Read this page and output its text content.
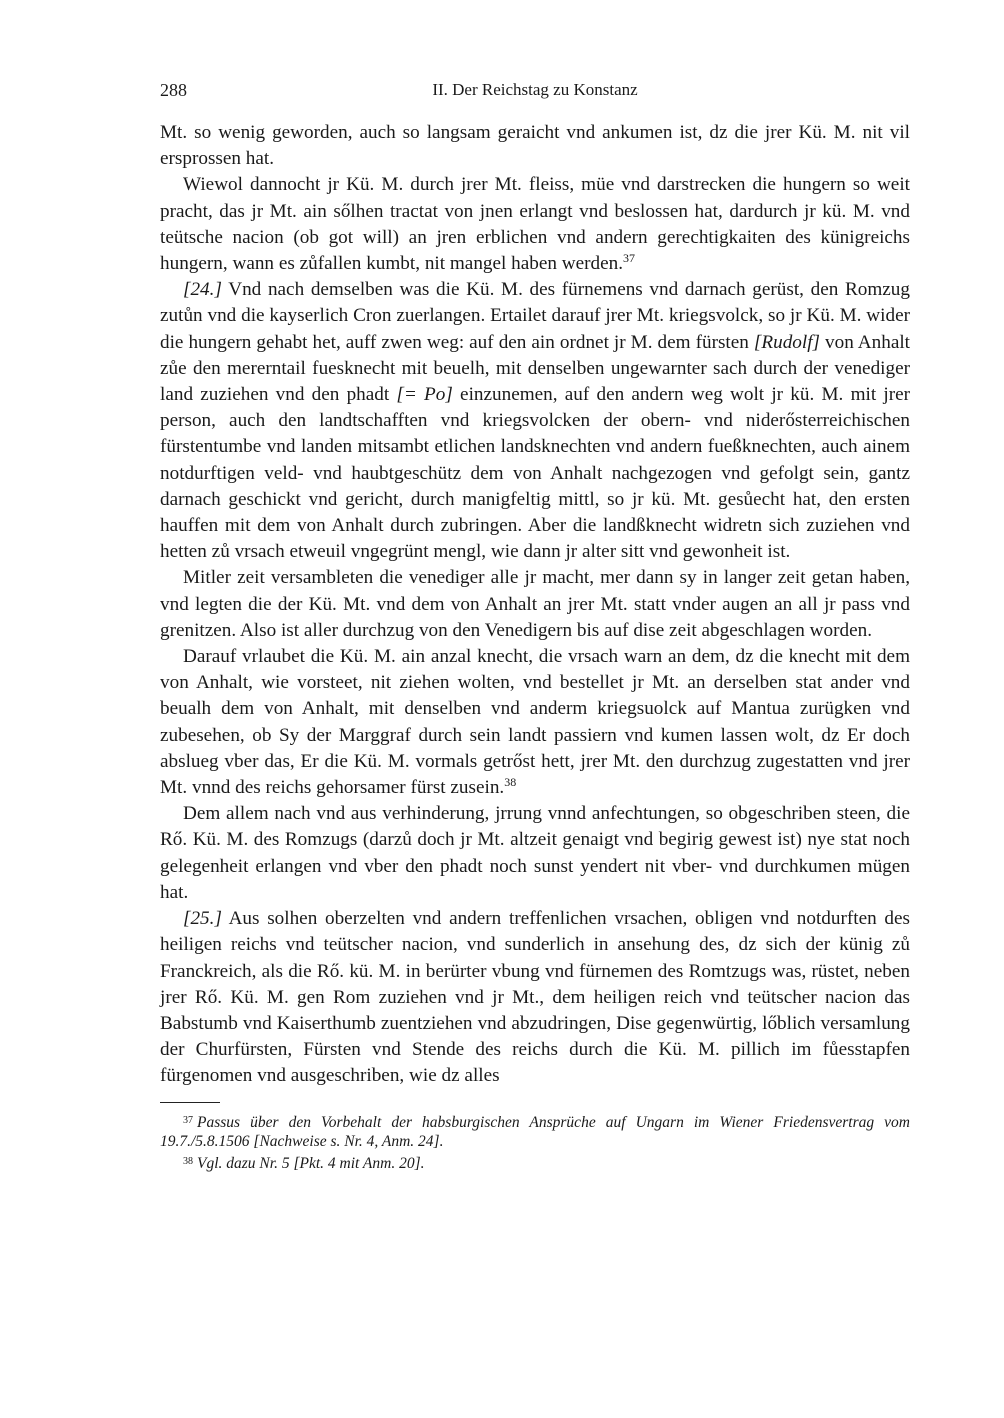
288	II. Der Reichstag zu Konstanz

Mt. so wenig geworden, auch so langsam geraicht vnd ankumen ist, dz die jrer Kü. M. nit vil ersprossen hat.

Wiewol dannocht jr Kü. M. durch jrer Mt. fleiss, müe vnd darstrecken die hungern so weit pracht, das jr Mt. ain sőlhen tractat von jnen erlangt vnd beslossen hat, dardurch jr kü. M. vnd teütsche nacion (ob got will) an jren erblichen vnd andern gerechtigkaiten des künigreichs hungern, wann es zůfallen kumbt, nit mangel haben werden.$^{37}$

[24.] Vnd nach demselben was die Kü. M. des fürnemens vnd darnach gerüst, den Romzug zutůn vnd die kayserlich Cron zuerlangen. Ertailet darauf jrer Mt. kriegsvolck, so jr Kü. M. wider die hungern gehabt het, auff zwen weg: auf den ain ordnet jr M. dem fürsten [Rudolf] von Anhalt zůe den mererntail fuesknecht mit beuelh, mit denselben ungewarnter sach durch der venediger land zuziehen vnd den phadt [= Po] einzunemen, auf den andern weg wolt jr kü. M. mit jrer person, auch den landtschafften vnd kriegsvolcken der obern- vnd niderősterreichischen fürstentumbe vnd landen mitsambt etlichen landsknechten vnd andern fueßknechten, auch ainem notdurftigen veld- vnd haubtgeschütz dem von Anhalt nachgezogen vnd gefolgt sein, gantz darnach geschickt vnd gericht, durch manigfeltig mittl, so jr kü. Mt. gesůecht hat, den ersten hauffen mit dem von Anhalt durch zubringen. Aber die landßknecht widretn sich zuziehen vnd hetten zů vrsach etweuil vngegrünt mengl, wie dann jr alter sitt vnd gewonheit ist.

Mitler zeit versambleten die venediger alle jr macht, mer dann sy in langer zeit getan haben, vnd legten die der Kü. Mt. vnd dem von Anhalt an jrer Mt. statt vnder augen an all jr pass vnd grenitzen. Also ist aller durchzug von den Venedigern bis auf dise zeit abgeschlagen worden.

Darauf vrlaubet die Kü. M. ain anzal knecht, die vrsach warn an dem, dz die knecht mit dem von Anhalt, wie vorsteet, nit ziehen wolten, vnd bestellet jr Mt. an derselben stat ander vnd beualh dem von Anhalt, mit denselben vnd anderm kriegsuolck auf Mantua zurügken vnd zubesehen, ob Sy der Marggraf durch sein landt passiern vnd kumen lassen wolt, dz Er doch abslueg vber das, Er die Kü. M. vormals getrőst hett, jrer Mt. den durchzug zugestatten vnd jrer Mt. vnnd des reichs gehorsamer fürst zusein.$^{38}$

Dem allem nach vnd aus verhinderung, jrrung vnnd anfechtungen, so obgeschriben steen, die Rő. Kü. M. des Romzugs (darzů doch jr Mt. altzeit genaigt vnd begirig gewest ist) nye stat noch gelegenheit erlangen vnd vber den phadt noch sunst yendert nit vber- vnd durchkumen mügen hat.

[25.] Aus solhen oberzelten vnd andern treffenlichen vrsachen, obligen vnd notdurften des heiligen reichs vnd teütscher nacion, vnd sunderlich in ansehung des, dz sich der künig zů Franckreich, als die Rő. kü. M. in berürter vbung vnd fürnemen des Romtzugs was, rüstet, neben jrer Rő. Kü. M. gen Rom zuziehen vnd jr Mt., dem heiligen reich vnd teütscher nacion das Babstumb vnd Kaiserthumb zuentziehen vnd abzudringen, Dise gegenwürtig, lőblich versamlung der Churfürsten, Fürsten vnd Stende des reichs durch die Kü. M. pillich im fůesstapfen fürgenomen vnd ausgeschriben, wie dz alles

$^{37}$ Passus über den Vorbehalt der habsburgischen Ansprüche auf Ungarn im Wiener Friedensvertrag vom 19.7./5.8.1506 [Nachweise s. Nr. 4, Anm. 24].

$^{38}$ Vgl. dazu Nr. 5 [Pkt. 4 mit Anm. 20].
